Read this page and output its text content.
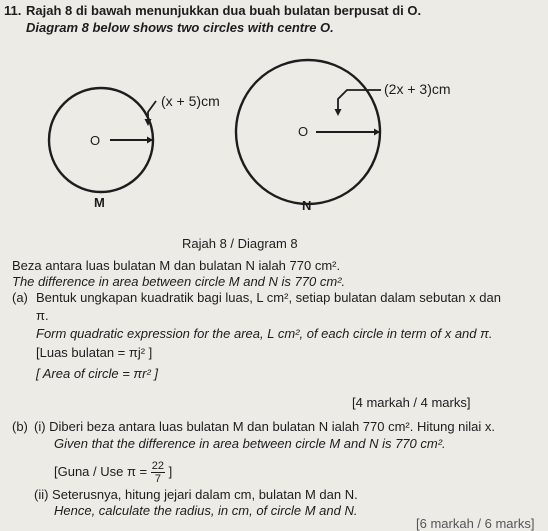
11. Rajah 8 di bawah menunjukkan dua buah bulatan berpusat di O.
Diagram 8 below shows two circles with centre O.
O
(x + 5)cm
M
O
(2x + 3)cm
N
Rajah 8 / Diagram 8
Beza antara luas bulatan M dan bulatan N ialah 770 cm².
The difference in area between circle M and N is 770 cm².
(a) Bentuk ungkapan kuadratik bagi luas, L cm², setiap bulatan dalam sebutan x dan
π.
Form quadratic expression for the area, L cm², of each circle in term of x and π.
[Luas bulatan = πj² ]
[ Area of circle = πr² ]
[4 markah / 4 marks]
(b) (i) Diberi beza antara luas bulatan M dan bulatan N ialah 770 cm². Hitung nilai x.
Given that the difference in area between circle M and N is 770 cm².
[Guna / Use $\pi = \frac{22}{7}$ ]
(ii) Seterusnya, hitung jejari dalam cm, bulatan M dan N.
Hence, calculate the radius, in cm, of circle M and N.
[6 markah / 6 marks]
